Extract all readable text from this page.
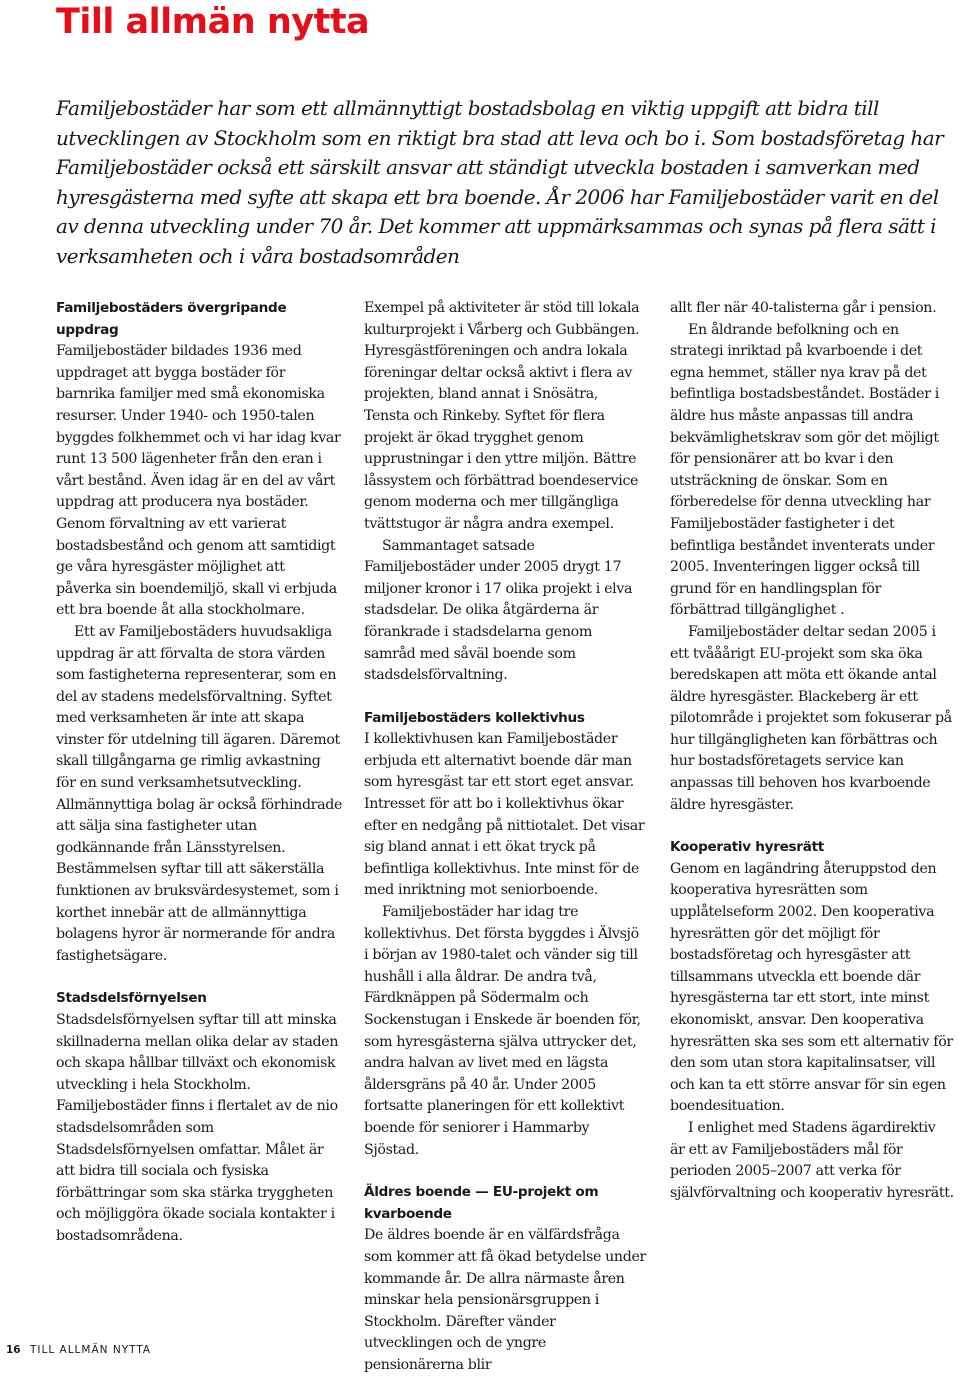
Till allmän nytta

Familjebostäder har som ett allmännyttigt bostadsbolag en viktig uppgift att bidra till utvecklingen av Stockholm som en riktigt bra stad att leva och bo i. Som bostadsföretag har Familjebostäder också ett särskilt ansvar att ständigt utveckla bostaden i samverkan med hyresgästerna med syfte att skapa ett bra boende. År 2006 har Familjebostäder varit en del av denna utveckling under 70 år. Det kommer att uppmärksammas och synas på flera sätt i verksamheten och i våra bostadsområden

Familjebostäders övergripande uppdrag

Familjebostäder bildades 1936 med uppdraget att bygga bostäder för barnrika familjer med små ekonomiska resurser. Under 1940- och 1950-talen byggdes folkhemmet och vi har idag kvar runt 13 500 lägenheter från den eran i vårt bestånd. Även idag är en del av vårt uppdrag att producera nya bostäder. Genom förvaltning av ett varierat bostadsbestånd och genom att samtidigt ge våra hyresgäster möjlighet att påverka sin boendemiljö, skall vi erbjuda ett bra boende åt alla stockholmare.

Ett av Familjebostäders huvudsakliga uppdrag är att förvalta de stora värden som fastigheterna representerar, som en del av stadens medelsförvaltning. Syftet med verksamheten är inte att skapa vinster för utdelning till ägaren. Däremot skall tillgångarna ge rimlig avkastning för en sund verksamhetsutveckling. Allmännyttiga bolag är också förhindrade att sälja sina fastigheter utan godkännande från Länsstyrelsen. Bestämmelsen syftar till att säkerställa funktionen av bruksvärdesystemet, som i korthet innebär att de allmännyttiga bolagens hyror är normerande för andra fastighetsägare.

Stadsdelsförnyelsen

Stadsdelsförnyelsen syftar till att minska skillnaderna mellan olika delar av staden och skapa hållbar tillväxt och ekonomisk utveckling i hela Stockholm. Familjebostäder finns i flertalet av de nio stadsdelsområden som Stadsdelsförnyelsen omfattar. Målet är att bidra till sociala och fysiska förbättringar som ska stärka tryggheten och möjliggöra ökade sociala kontakter i bostadsområdena.

Exempel på aktiviteter är stöd till lokala kulturprojekt i Vårberg och Gubbängen. Hyresgästföreningen och andra lokala föreningar deltar också aktivt i flera av projekten, bland annat i Snösätra, Tensta och Rinkeby. Syftet för flera projekt är ökad trygghet genom upprustningar i den yttre miljön. Bättre låssystem och förbättrad boendeservice genom moderna och mer tillgängliga tvättstugor är några andra exempel.

Sammantaget satsade Familjebostäder under 2005 drygt 17 miljoner kronor i 17 olika projekt i elva stadsdelar. De olika åtgärderna är förankrade i stadsdelarna genom samråd med såväl boende som stadsdelsförvaltning.

Familjebostäders kollektivhus

I kollektivhusen kan Familjebostäder erbjuda ett alternativt boende där man som hyresgäst tar ett stort eget ansvar. Intresset för att bo i kollektivhus ökar efter en nedgång på nittiotalet. Det visar sig bland annat i ett ökat tryck på befintliga kollektivhus. Inte minst för de med inriktning mot seniorboende.

Familjebostäder har idag tre kollektivhus. Det första byggdes i Älvsjö i början av 1980-talet och vänder sig till hushåll i alla åldrar. De andra två, Färdknäppen på Södermalm och Sockenstugan i Enskede är boenden för, som hyresgästerna själva uttrycker det, andra halvan av livet med en lägsta åldersgräns på 40 år. Under 2005 fortsatte planeringen för ett kollektivt boende för seniorer i Hammarby Sjöstad.

Äldres boende — EU-projekt om kvarboende

De äldres boende är en välfärdsfråga som kommer att få ökad betydelse under kommande år. De allra närmaste åren minskar hela pensionärsgruppen i Stockholm. Därefter vänder utvecklingen och de yngre pensionärerna blir

allt fler när 40-talisterna går i pension.

En åldrande befolkning och en strategi inriktad på kvarboende i det egna hemmet, ställer nya krav på det befintliga bostadsbeståndet. Bostäder i äldre hus måste anpassas till andra bekvämlighetskrav som gör det möjligt för pensionärer att bo kvar i den utsträckning de önskar. Som en förberedelse för denna utveckling har Familjebostäder fastigheter i det befintliga beståndet inventerats under 2005. Inventeringen ligger också till grund för en handlingsplan för förbättrad tillgänglighet .

Familjebostäder deltar sedan 2005 i ett tvååårigt EU-projekt som ska öka beredskapen att möta ett ökande antal äldre hyresgäster. Blackeberg är ett pilotområde i projektet som fokuserar på hur tillgängligheten kan förbättras och hur bostadsföretagets service kan anpassas till behoven hos kvarboende äldre hyresgäster.

Kooperativ hyresrätt

Genom en lagändring återuppstod den kooperativa hyresrätten som upplåtelseform 2002. Den kooperativa hyresrätten gör det möjligt för bostadsföretag och hyresgäster att tillsammans utveckla ett boende där hyresgästerna tar ett stort, inte minst ekonomiskt, ansvar. Den kooperativa hyresrätten ska ses som ett alternativ för den som utan stora kapitalinsatser, vill och kan ta ett större ansvar för sin egen boendesituation.

I enlighet med Stadens ägardirektiv är ett av Familjebostäders mål för perioden 2005–2007 att verka för självförvaltning och kooperativ hyresrätt.

16 TILL ALLMÄN NYTTA
